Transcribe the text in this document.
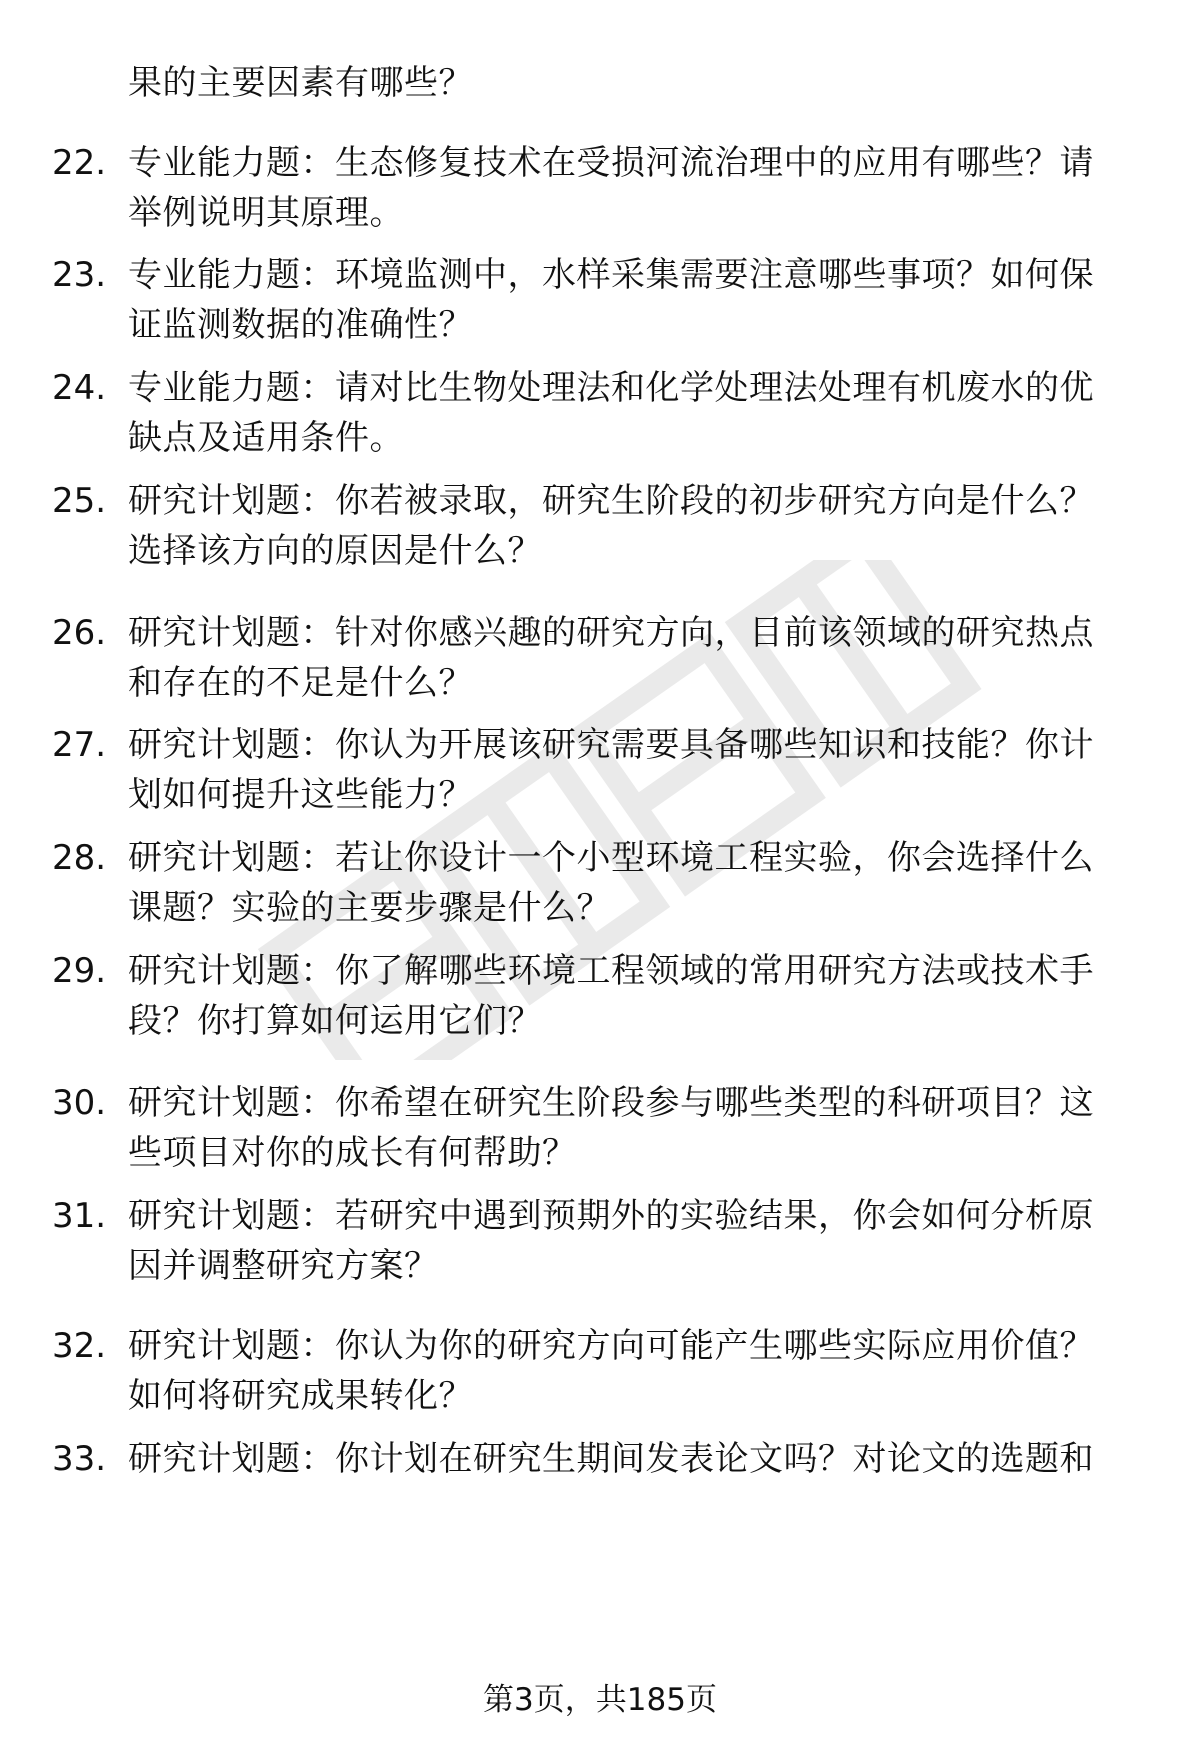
果的主要因素有哪些？
22. 专业能力题：生态修复技术在受损河流治理中的应用有哪些？请
举例说明其原理。
23. 专业能力题：环境监测中，水样采集需要注意哪些事项？如何保
证监测数据的准确性？
24. 专业能力题：请对比生物处理法和化学处理法处理有机废水的优
缺点及适用条件。
25. 研究计划题：你若被录取，研究生阶段的初步研究方向是什么？
选择该方向的原因是什么？
26. 研究计划题：针对你感兴趣的研究方向，目前该领域的研究热点
和存在的不足是什么？
27. 研究计划题：你认为开展该研究需要具备哪些知识和技能？你计
划如何提升这些能力？
28. 研究计划题：若让你设计一个小型环境工程实验，你会选择什么
课题？实验的主要步骤是什么？
29. 研究计划题：你了解哪些环境工程领域的常用研究方法或技术手
段？你打算如何运用它们？
30. 研究计划题：你希望在研究生阶段参与哪些类型的科研项目？这
些项目对你的成长有何帮助？
31. 研究计划题：若研究中遇到预期外的实验结果，你会如何分析原
因并调整研究方案？
32. 研究计划题：你认为你的研究方向可能产生哪些实际应用价值？
如何将研究成果转化？
33. 研究计划题：你计划在研究生期间发表论文吗？对论文的选题和
第3页，共185页
